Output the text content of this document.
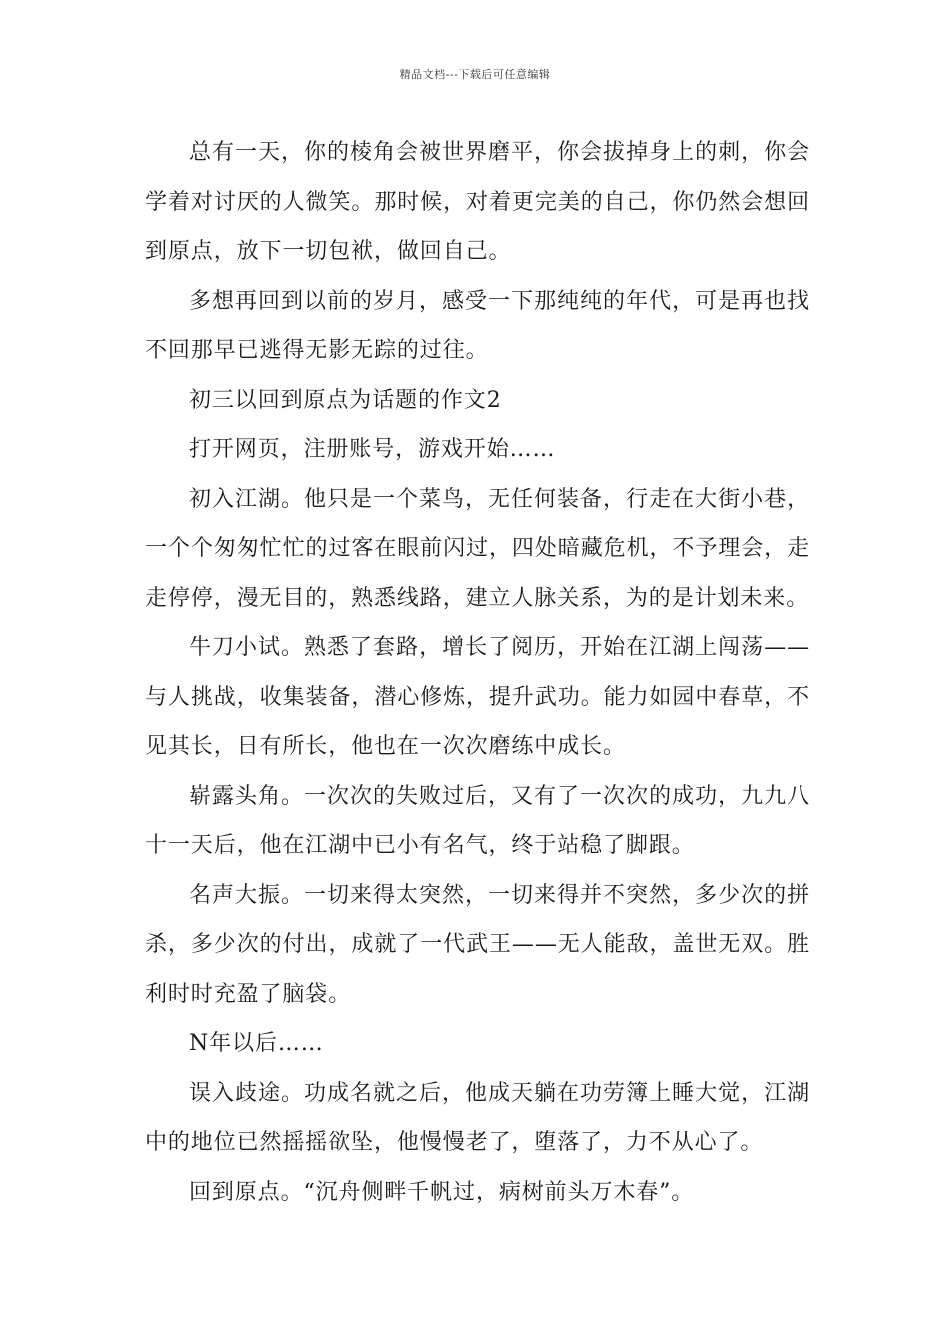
精品文档---下载后可任意编辑

总有一天，你的棱角会被世界磨平，你会拔掉身上的刺，你会学着对讨厌的人微笑。那时候，对着更完美的自己，你仍然会想回到原点，放下一切包袱，做回自己。

多想再回到以前的岁月，感受一下那纯纯的年代，可是再也找不回那早已逃得无影无踪的过往。

初三以回到原点为话题的作文2

打开网页，注册账号，游戏开始……

初入江湖。他只是一个菜鸟，无任何装备，行走在大街小巷，一个个匆匆忙忙的过客在眼前闪过，四处暗藏危机，不予理会，走走停停，漫无目的，熟悉线路，建立人脉关系，为的是计划未来。

牛刀小试。熟悉了套路，增长了阅历，开始在江湖上闯荡——与人挑战，收集装备，潜心修炼，提升武功。能力如园中春草，不见其长，日有所长，他也在一次次磨练中成长。

崭露头角。一次次的失败过后，又有了一次次的成功，九九八十一天后，他在江湖中已小有名气，终于站稳了脚跟。

名声大振。一切来得太突然，一切来得并不突然，多少次的拼杀，多少次的付出，成就了一代武王——无人能敌，盖世无双。胜利时时充盈了脑袋。

N年以后……

误入歧途。功成名就之后，他成天躺在功劳簿上睡大觉，江湖中的地位已然摇摇欲坠，他慢慢老了，堕落了，力不从心了。

回到原点。“沉舟侧畔千帆过，病树前头万木春”。
